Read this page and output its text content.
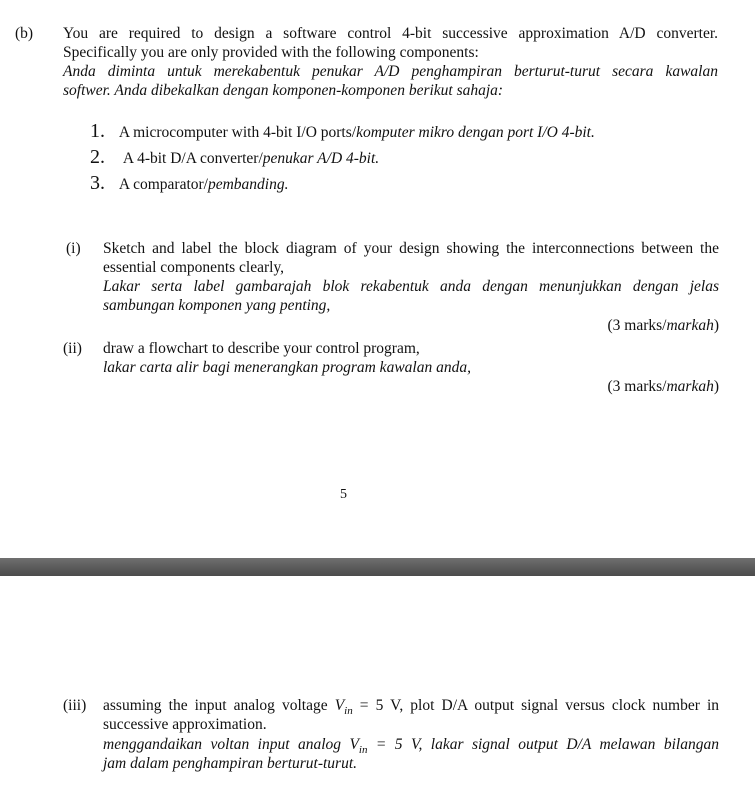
(b) You are required to design a software control 4-bit successive approximation A/D converter.
Specifically you are only provided with the following components:
Anda diminta untuk merekabentuk penukar A/D penghampiran berturut-turut secara kawalan
softwer. Anda dibekalkan dengan komponen-komponen berikut sahaja:
1. A microcomputer with 4-bit I/O ports/komputer mikro dengan port I/O 4-bit.
2. A 4-bit D/A converter/penukar A/D 4-bit.
3. A comparator/pembanding.
(i) Sketch and label the block diagram of your design showing the interconnections between the
essential components clearly,
Lakar serta label gambarajah blok rekabentuk anda dengan menunjukkan dengan jelas
sambungan komponen yang penting,
(3 marks/markah)
(ii) draw a flowchart to describe your control program,
lakar carta alir bagi menerangkan program kawalan anda,
(3 marks/markah)
5
(iii) assuming the input analog voltage $V_{in} = 5$ V, plot D/A output signal versus clock number in
successive approximation.
menggandaikan voltan input analog $V_{in} = 5$ V, lakar signal output D/A melawan bilangan
jam dalam penghampiran berturut-turut.
